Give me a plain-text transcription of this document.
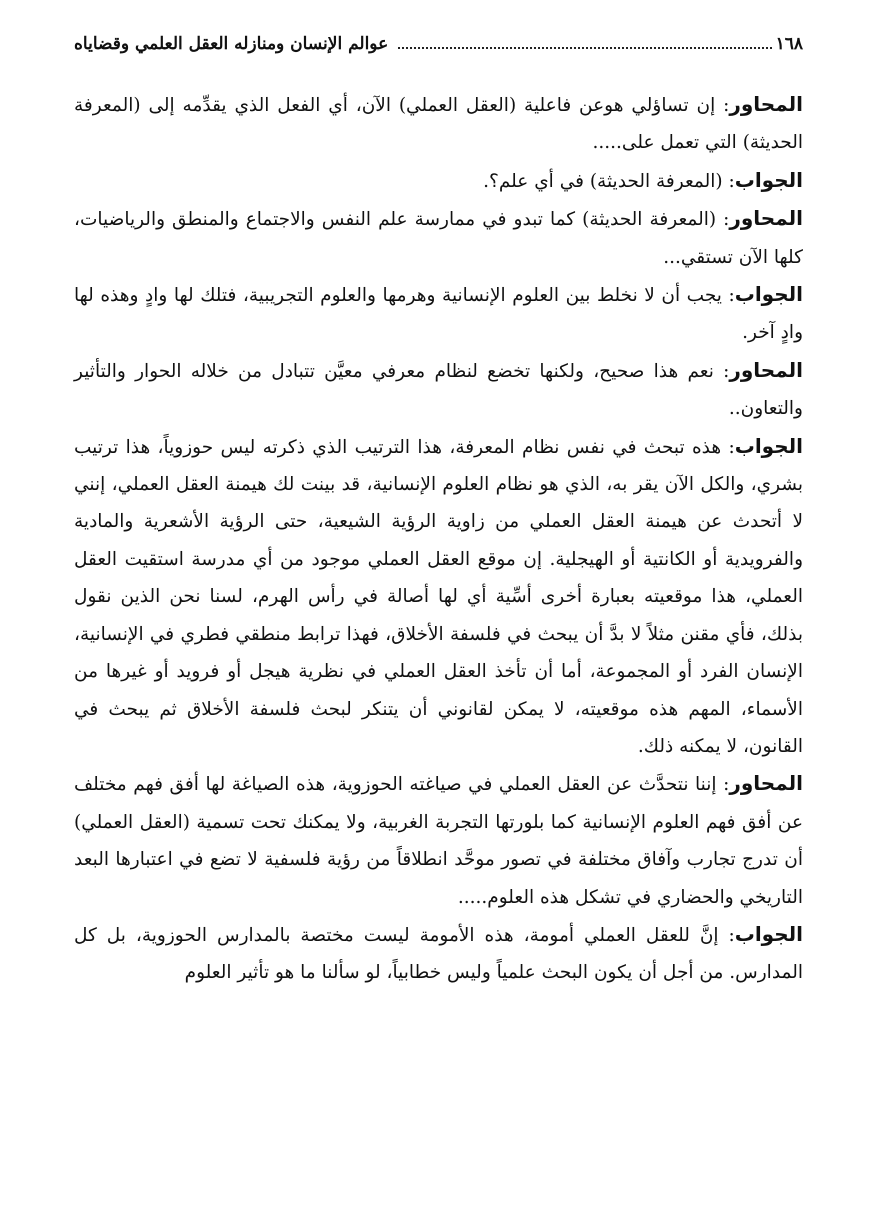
١٦٨
عوالم الإنسان ومنازله العقل العلمي وقضاياه

المحاور: إن تساؤلي هوعن فاعلية (العقل العملي) الآن، أي الفعل الذي يقدِّمه إلى (المعرفة الحديثة) التي تعمل على.....

الجواب: (المعرفة الحديثة) في أي علم؟.

المحاور: (المعرفة الحديثة) كما تبدو في ممارسة علم النفس والاجتماع والمنطق والرياضيات، كلها الآن تستقي...

الجواب: يجب أن لا نخلط بين العلوم الإنسانية وهرمها والعلوم التجريبية، فتلك لها وادٍ وهذه لها وادٍ آخر.

المحاور: نعم هذا صحيح، ولكنها تخضع لنظام معرفي معيَّن تتبادل من خلاله الحوار والتأثير والتعاون..

الجواب: هذه تبحث في نفس نظام المعرفة، هذا الترتيب الذي ذكرته ليس حوزوياً، هذا ترتيب بشري، والكل الآن يقر به، الذي هو نظام العلوم الإنسانية، قد بينت لك هيمنة العقل العملي، إنني لا أتحدث عن هيمنة العقل العملي من زاوية الرؤية الشيعية، حتى الرؤية الأشعرية والمادية والفرويدية أو الكانتية أو الهيجلية. إن موقع العقل العملي موجود من أي مدرسة استقيت العقل العملي، هذا موقعيته بعبارة أخرى أسِّية أي لها أصالة في رأس الهرم، لسنا نحن الذين نقول بذلك، فأي مقنن مثلاً لا بدَّ أن يبحث في فلسفة الأخلاق، فهذا ترابط منطقي فطري في الإنسانية، الإنسان الفرد أو المجموعة، أما أن تأخذ العقل العملي في نظرية هيجل أو فرويد أو غيرها من الأسماء، المهم هذه موقعيته، لا يمكن لقانوني أن يتنكر لبحث فلسفة الأخلاق ثم يبحث في القانون، لا يمكنه ذلك.

المحاور: إننا نتحدَّث عن العقل العملي في صياغته الحوزوية، هذه الصياغة لها أفق فهم مختلف عن أفق فهم العلوم الإنسانية كما بلورتها التجربة الغربية، ولا يمكنك تحت تسمية (العقل العملي) أن تدرج تجارب وآفاق مختلفة في تصور موحَّد انطلاقاً من رؤية فلسفية لا تضع في اعتبارها البعد التاريخي والحضاري في تشكل هذه العلوم.....

الجواب: إنَّ للعقل العملي أمومة، هذه الأمومة ليست مختصة بالمدارس الحوزوية، بل كل المدارس. من أجل أن يكون البحث علمياً وليس خطابياً، لو سألنا ما هو تأثير العلوم
